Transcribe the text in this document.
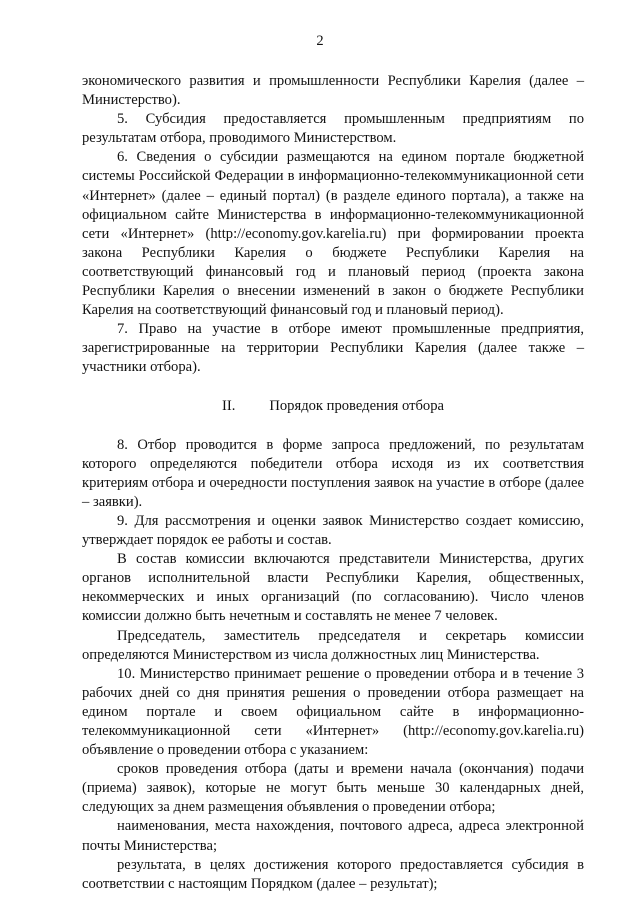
2

экономического развития и промышленности Республики Карелия (далее – Министерство).

5. Субсидия предоставляется промышленным предприятиям по результатам отбора, проводимого Министерством.

6. Сведения о субсидии размещаются на едином портале бюджетной системы Российской Федерации в информационно-телекоммуникационной сети «Интернет» (далее – единый портал) (в разделе единого портала), а также на официальном сайте Министерства в информационно-телекоммуникационной сети «Интернет» (http://economy.gov.karelia.ru) при формировании проекта закона Республики Карелия о бюджете Республики Карелия на соответствующий финансовый год и плановый период (проекта закона Республики Карелия о внесении изменений в закон о бюджете Республики Карелия на соответствующий финансовый год и плановый период).

7. Право на участие в отборе имеют промышленные предприятия, зарегистрированные на территории Республики Карелия (далее также – участники отбора).

II. Порядок проведения отбора

8. Отбор проводится в форме запроса предложений, по результатам которого определяются победители отбора исходя из их соответствия критериям отбора и очередности поступления заявок на участие в отборе (далее – заявки).

9. Для рассмотрения и оценки заявок Министерство создает комиссию, утверждает порядок ее работы и состав.

В состав комиссии включаются представители Министерства, других органов исполнительной власти Республики Карелия, общественных, некоммерческих и иных организаций (по согласованию). Число членов комиссии должно быть нечетным и составлять не менее 7 человек.

Председатель, заместитель председателя и секретарь комиссии определяются Министерством из числа должностных лиц Министерства.

10. Министерство принимает решение о проведении отбора и в течение 3 рабочих дней со дня принятия решения о проведении отбора размещает на едином портале и своем официальном сайте в информационно-телекоммуникационной сети «Интернет» (http://economy.gov.karelia.ru) объявление о проведении отбора с указанием:

сроков проведения отбора (даты и времени начала (окончания) подачи (приема) заявок), которые не могут быть меньше 30 календарных дней, следующих за днем размещения объявления о проведении отбора;

наименования, места нахождения, почтового адреса, адреса электронной почты Министерства;

результата, в целях достижения которого предоставляется субсидия в соответствии с настоящим Порядком (далее – результат);
